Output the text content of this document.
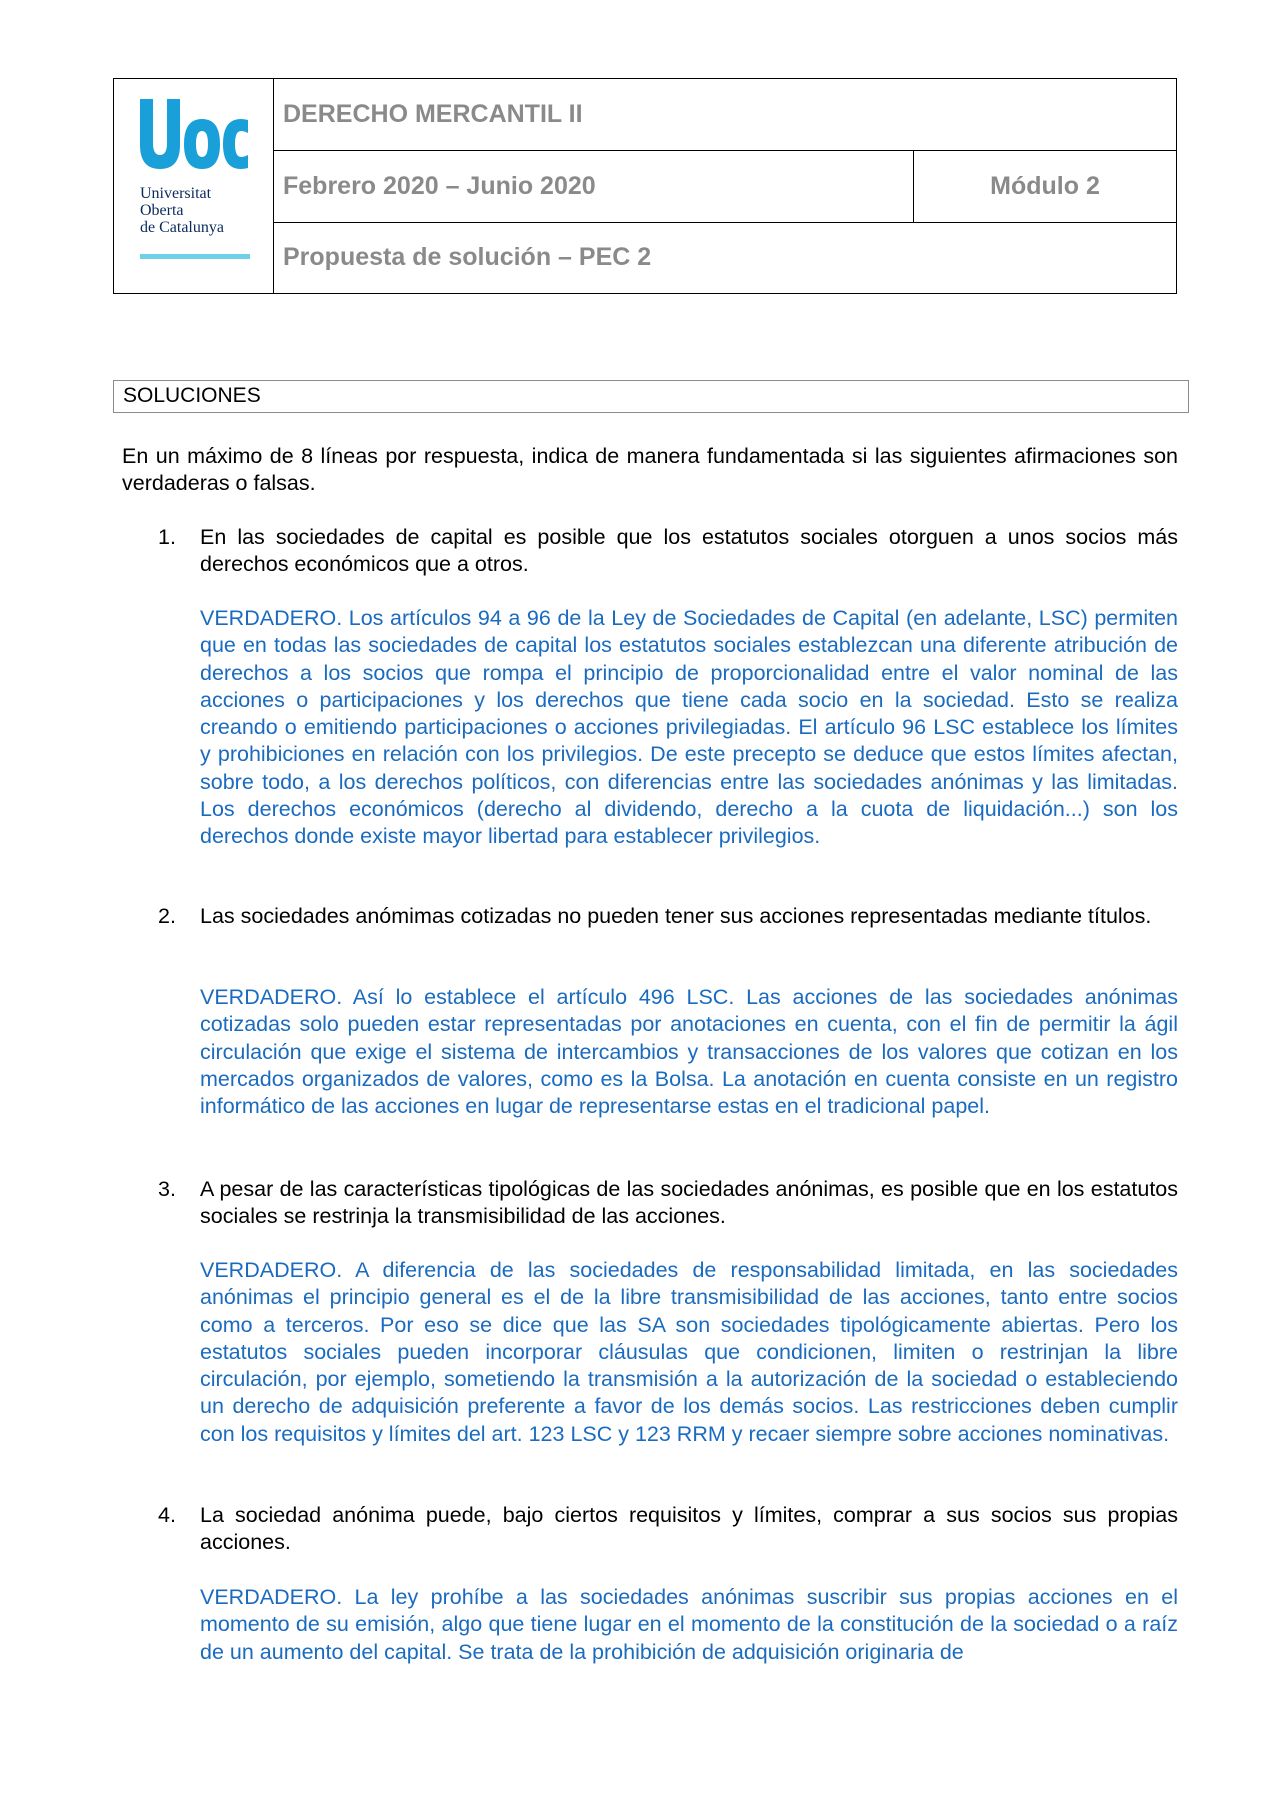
Universitat
Oberta
de Catalunya
DERECHO MERCANTIL II
Febrero 2020 – Junio 2020	Módulo 2
Propuesta de solución – PEC 2
SOLUCIONES
En un máximo de 8 líneas por respuesta, indica de manera fundamentada si las siguientes afirmaciones son verdaderas o falsas.
1. En las sociedades de capital es posible que los estatutos sociales otorguen a unos socios más derechos económicos que a otros.
VERDADERO. Los artículos 94 a 96 de la Ley de Sociedades de Capital (en adelante, LSC) permiten que en todas las sociedades de capital los estatutos sociales establezcan una diferente atribución de derechos a los socios que rompa el principio de proporcionalidad entre el valor nominal de las acciones o participaciones y los derechos que tiene cada socio en la sociedad. Esto se realiza creando o emitiendo participaciones o acciones privilegiadas. El artículo 96 LSC establece los límites y prohibiciones en relación con los privilegios. De este precepto se deduce que estos límites afectan, sobre todo, a los derechos políticos, con diferencias entre las sociedades anónimas y las limitadas. Los derechos económicos (derecho al dividendo, derecho a la cuota de liquidación...) son los derechos donde existe mayor libertad para establecer privilegios.
2. Las sociedades anómimas cotizadas no pueden tener sus acciones representadas mediante títulos.
VERDADERO. Así lo establece el artículo 496 LSC. Las acciones de las sociedades anónimas cotizadas solo pueden estar representadas por anotaciones en cuenta, con el fin de permitir la ágil circulación que exige el sistema de intercambios y transacciones de los valores que cotizan en los mercados organizados de valores, como es la Bolsa. La anotación en cuenta consiste en un registro informático de las acciones en lugar de representarse estas en el tradicional papel.
3. A pesar de las características tipológicas de las sociedades anónimas, es posible que en los estatutos sociales se restrinja la transmisibilidad de las acciones.
VERDADERO. A diferencia de las sociedades de responsabilidad limitada, en las sociedades anónimas el principio general es el de la libre transmisibilidad de las acciones, tanto entre socios como a terceros. Por eso se dice que las SA son sociedades tipológicamente abiertas. Pero los estatutos sociales pueden incorporar cláusulas que condicionen, limiten o restrinjan la libre circulación, por ejemplo, sometiendo la transmisión a la autorización de la sociedad o estableciendo un derecho de adquisición preferente a favor de los demás socios. Las restricciones deben cumplir con los requisitos y límites del art. 123 LSC y 123 RRM y recaer siempre sobre acciones nominativas.
4. La sociedad anónima puede, bajo ciertos requisitos y límites, comprar a sus socios sus propias acciones.
VERDADERO. La ley prohíbe a las sociedades anónimas suscribir sus propias acciones en el momento de su emisión, algo que tiene lugar en el momento de la constitución de la sociedad o a raíz de un aumento del capital. Se trata de la prohibición de adquisición originaria de
